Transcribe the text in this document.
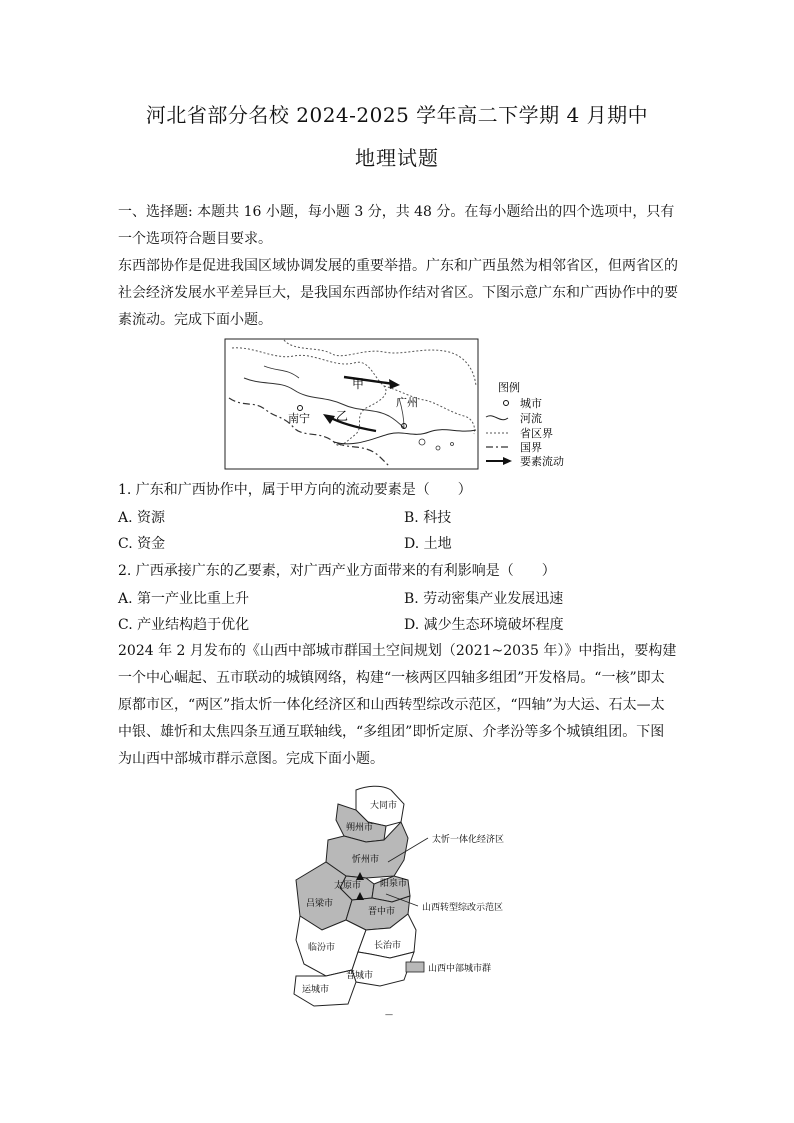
河北省部分名校 2024-2025 学年高二下学期 4 月期中
地理试题
一、选择题: 本题共 16 小题，每小题 3 分，共 48 分。在每小题给出的四个选项中，只有一个选项符合题目要求。
东西部协作是促进我国区域协调发展的重要举措。广东和广西虽然为相邻省区，但两省区的社会经济发展水平差异巨大，是我国东西部协作结对省区。下图示意广东和广西协作中的要素流动。完成下面小题。
甲
乙
南宁
广州
图例
城市
河流
省区界
国界
要素流动
1. 广东和广西协作中，属于甲方向的流动要素是（　　）
A. 资源	B. 科技
C. 资金	D. 土地
2. 广西承接广东的乙要素，对广西产业方面带来的有利影响是（　　）
A. 第一产业比重上升	B. 劳动密集产业发展迅速
C. 产业结构趋于优化	D. 减少生态环境破坏程度
2024 年 2 月发布的《山西中部城市群国土空间规划（2021~2035 年）》中指出，要构建一个中心崛起、五市联动的城镇网络，构建“一核两区四轴多组团”开发格局。“一核”即太原都市区，“两区”指太忻一体化经济区和山西转型综改示范区，“四轴”为大运、石太—太中银、雄忻和太焦四条互通互联轴线，“多组团”即忻定原、介孝汾等多个城镇组团。下图为山西中部城市群示意图。完成下面小题。
大同市
朔州市
忻州市
太原市 阳泉市
吕梁市
晋中市
临汾市	长治市
晋城市
运城市
太忻一体化经济区
山西转型综改示范区
山西中部城市群
—
